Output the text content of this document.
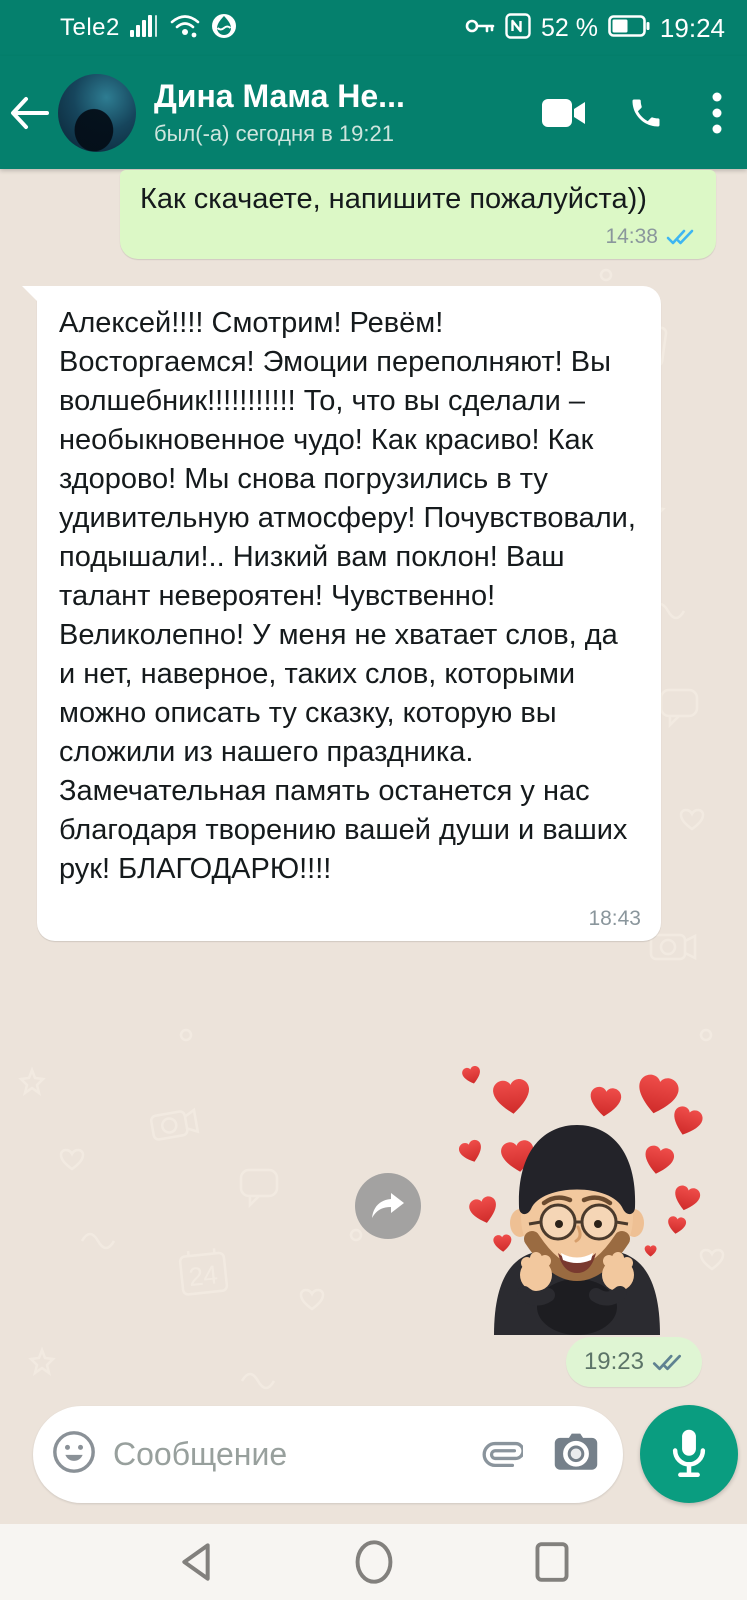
Tele2	52 % 19:24
Дина Мама Не...
был(-а) сегодня в 19:21
24	Как скачаете, напишите пожалуйста))
14:38
Алексей!!!! Смотрим! Ревём! Восторгаемся! Эмоции переполняют! Вы волшебник!!!!!!!!!!! То, что вы сделали – необыкновенное чудо! Как красиво! Как здорово! Мы снова погрузились в ту удивительную атмосферу! Почувствовали, подышали!.. Низкий вам поклон! Ваш талант невероятен! Чувственно! Великолепно! У меня не хватает слов, да и нет, наверное, таких слов, которыми можно описать ту сказку, которую вы сложили из нашего праздника. Замечательная память останется у нас благодаря творению вашей души и ваших рук! БЛАГОДАРЮ!!!!
18:43
19:23
Сообщение
